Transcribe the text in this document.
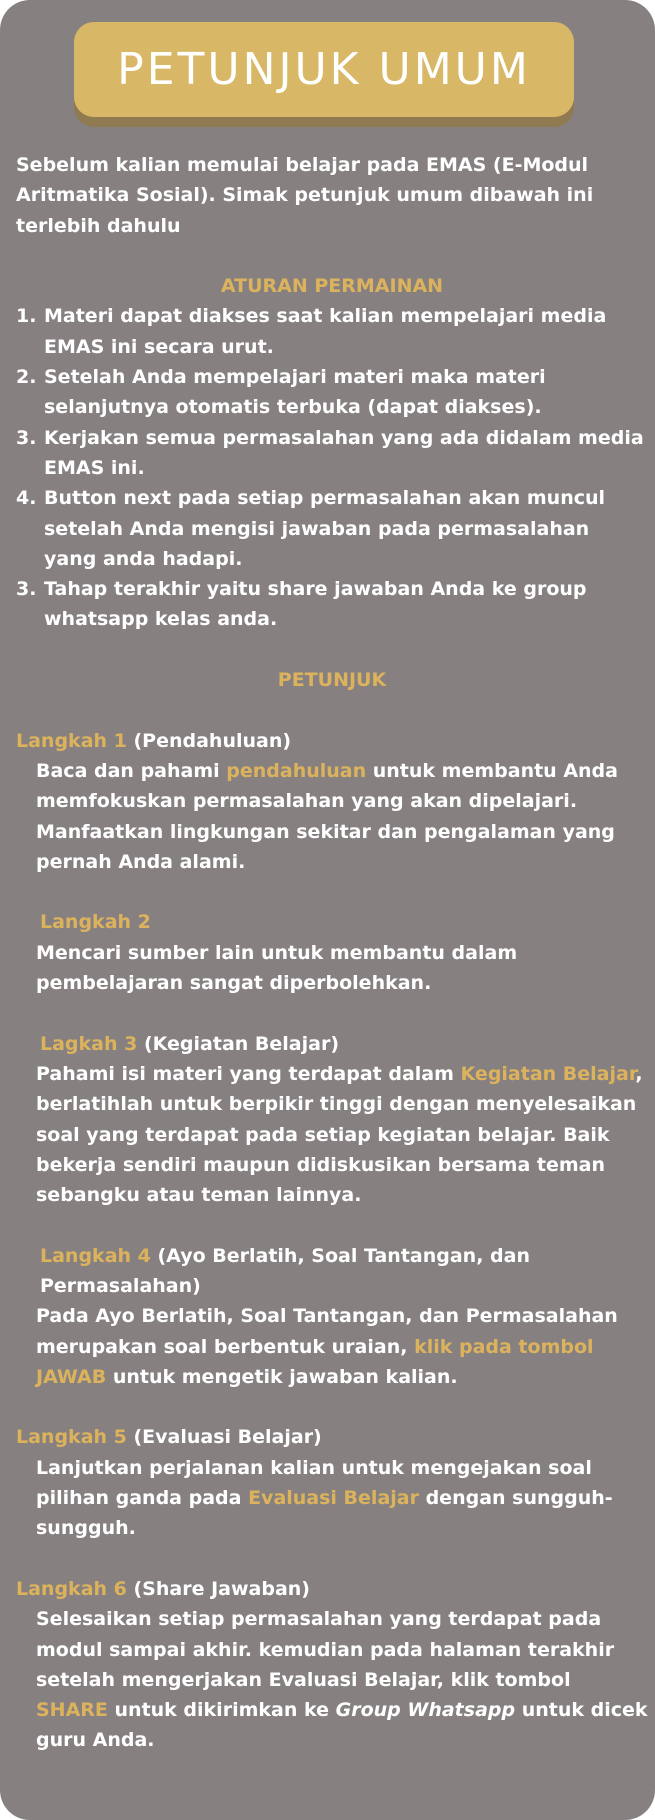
PETUNJUK UMUM

Sebelum kalian memulai belajar pada EMAS (E-Modul Aritmatika Sosial). Simak petunjuk umum dibawah ini terlebih dahulu

ATURAN PERMAINAN

1. Materi dapat diakses saat kalian mempelajari media EMAS ini secara urut.
2. Setelah Anda mempelajari materi maka materi selanjutnya otomatis terbuka (dapat diakses).
3. Kerjakan semua permasalahan yang ada didalam media EMAS ini.
4. Button next pada setiap permasalahan akan muncul setelah Anda mengisi jawaban pada permasalahan yang anda hadapi.
3. Tahap terakhir yaitu share jawaban Anda ke group whatsapp kelas anda.

PETUNJUK

Langkah 1 (Pendahuluan)

Baca dan pahami pendahuluan untuk membantu Anda memfokuskan permasalahan yang akan dipelajari. Manfaatkan lingkungan sekitar dan pengalaman yang pernah Anda alami.

Langkah 2

Mencari sumber lain untuk membantu dalam pembelajaran sangat diperbolehkan.

Lagkah 3 (Kegiatan Belajar)

Pahami isi materi yang terdapat dalam Kegiatan Belajar, berlatihlah untuk berpikir tinggi dengan menyelesaikan soal yang terdapat pada setiap kegiatan belajar. Baik bekerja sendiri maupun didiskusikan bersama teman sebangku atau teman lainnya.

Langkah 4 (Ayo Berlatih, Soal Tantangan, dan Permasalahan)

Pada Ayo Berlatih, Soal Tantangan, dan Permasalahan merupakan soal berbentuk uraian, klik pada tombol JAWAB untuk mengetik jawaban kalian.

Langkah 5 (Evaluasi Belajar)

Lanjutkan perjalanan kalian untuk mengejakan soal pilihan ganda pada Evaluasi Belajar dengan sungguh-sungguh.

Langkah 6 (Share Jawaban)

Selesaikan setiap permasalahan yang terdapat pada modul sampai akhir. kemudian pada halaman terakhir setelah mengerjakan Evaluasi Belajar, klik tombol SHARE untuk dikirimkan ke Group Whatsapp untuk dicek guru Anda.
